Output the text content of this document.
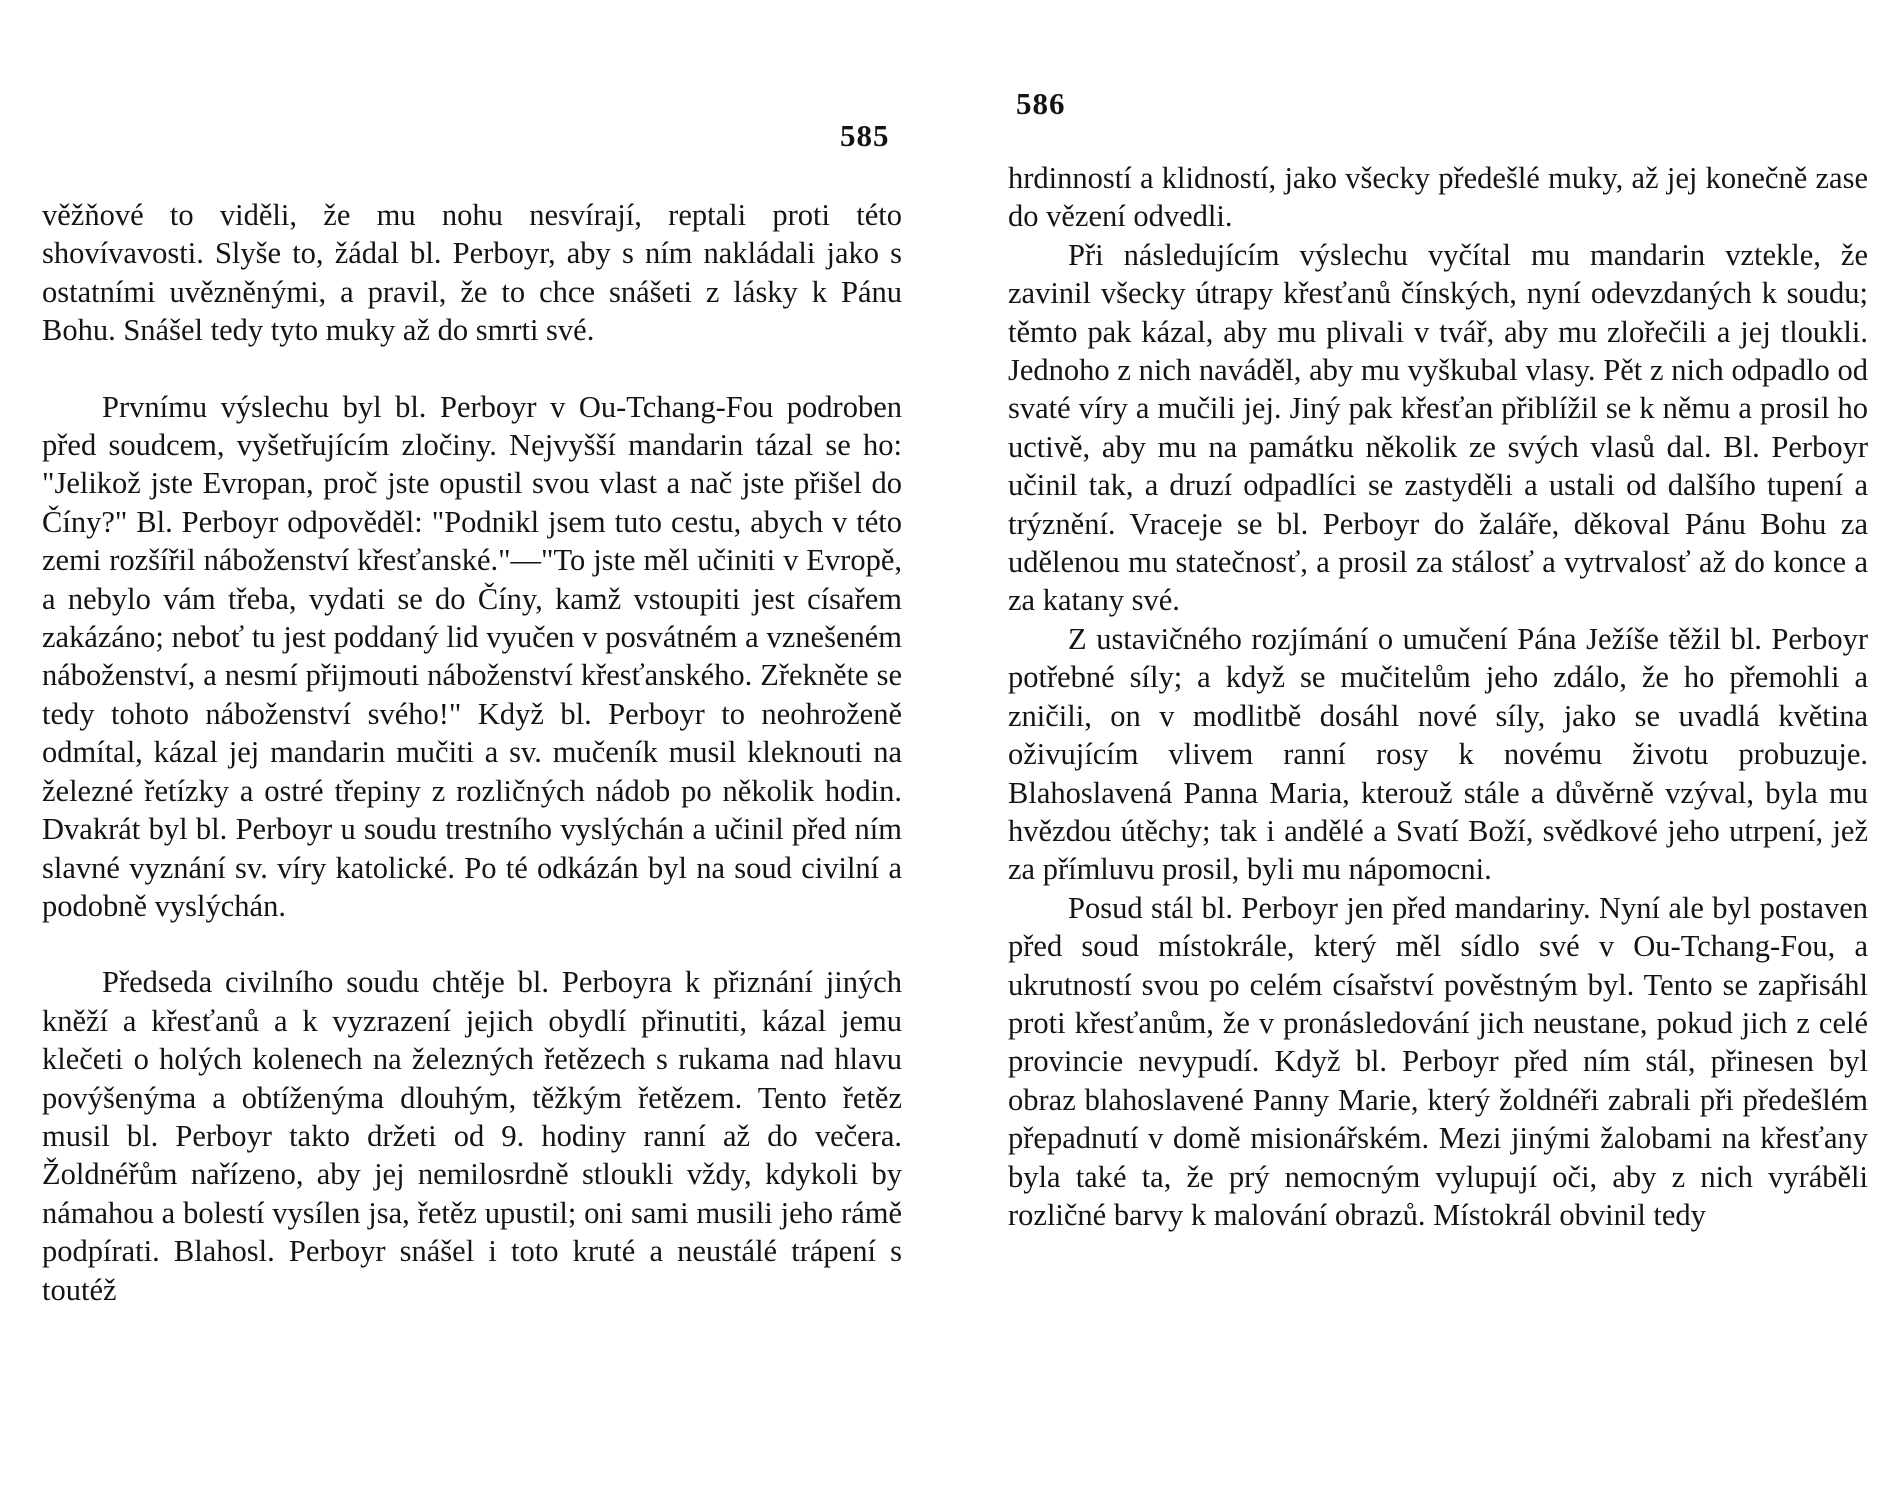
585

věžňové to viděli, že mu nohu nesvírají, reptali proti této shovívavosti. Slyše to, žádal bl. Perboyr, aby s ním nakládali jako s ostatními uvězněnými, a pravil, že to chce snášeti z lásky k Pánu Bohu. Snášel tedy tyto muky až do smrti své.

Prvnímu výslechu byl bl. Perboyr v Ou-Tchang-Fou podroben před soudcem, vyšetřujícím zločiny. Nejvyšší mandarin tázal se ho: "Jelikož jste Evropan, proč jste opustil svou vlast a nač jste přišel do Číny?" Bl. Perboyr odpověděl: "Podnikl jsem tuto cestu, abych v této zemi rozšířil náboženství křesťanské."—"To jste měl učiniti v Evropě, a nebylo vám třeba, vydati se do Číny, kamž vstoupiti jest císařem zakázáno; neboť tu jest poddaný lid vyučen v posvátném a vznešeném náboženství, a nesmí přijmouti náboženství křesťanského. Zřekněte se tedy tohoto náboženství svého!" Když bl. Perboyr to neohroženě odmítal, kázal jej mandarin mučiti a sv. mučeník musil kleknouti na železné řetízky a ostré třepiny z rozličných nádob po několik hodin. Dvakrát byl bl. Perboyr u soudu trestního vyslýchán a učinil před ním slavné vyznání sv. víry katolické. Po té odkázán byl na soud civilní a podobně vyslýchán.

Předseda civilního soudu chtěje bl. Perboyra k přiznání jiných kněží a křesťanů a k vyzrazení jejich obydlí přinutiti, kázal jemu klečeti o holých kolenech na železných řetězech s rukama nad hlavu povýšenýma a obtíženýma dlouhým, těžkým řetězem. Tento řetěz musil bl. Perboyr takto držeti od 9. hodiny ranní až do večera. Žoldnéřům nařízeno, aby jej nemilosrdně stloukli vždy, kdykoli by námahou a bolestí vysílen jsa, řetěz upustil; oni sami musili jeho rámě podpírati. Blahosl. Perboyr snášel i toto kruté a neustálé trápení s toutéž

586

hrdinností a klidností, jako všecky předešlé muky, až jej konečně zase do vězení odvedli.

Při následujícím výslechu vyčítal mu mandarin vztekle, že zavinil všecky útrapy křesťanů čínských, nyní odevzdaných k soudu; těmto pak kázal, aby mu plivali v tvář, aby mu zlořečili a jej tloukli. Jednoho z nich naváděl, aby mu vyškubal vlasy. Pět z nich odpadlo od svaté víry a mučili jej. Jiný pak křesťan přiblížil se k němu a prosil ho uctivě, aby mu na památku několik ze svých vlasů dal. Bl. Perboyr učinil tak, a druzí odpadlíci se zastyděli a ustali od dalšího tupení a trýznění. Vraceje se bl. Perboyr do žaláře, děkoval Pánu Bohu za udělenou mu statečnosť, a prosil za stálosť a vytrvalosť až do konce a za katany své.

Z ustavičného rozjímání o umučení Pána Ježíše těžil bl. Perboyr potřebné síly; a když se mučitelům jeho zdálo, že ho přemohli a zničili, on v modlitbě dosáhl nové síly, jako se uvadlá květina oživujícím vlivem ranní rosy k novému životu probuzuje. Blahoslavená Panna Maria, kterouž stále a důvěrně vzýval, byla mu hvězdou útěchy; tak i andělé a Svatí Boží, svědkové jeho utrpení, jež za přímluvu prosil, byli mu nápomocni.

Posud stál bl. Perboyr jen před mandariny. Nyní ale byl postaven před soud místokrále, který měl sídlo své v Ou-Tchang-Fou, a ukrutností svou po celém císařství pověstným byl. Tento se zapřisáhl proti křesťanům, že v pronásledování jich neustane, pokud jich z celé provincie nevypudí. Když bl. Perboyr před ním stál, přinesen byl obraz blahoslavené Panny Marie, který žoldnéři zabrali při předešlém přepadnutí v domě misionářském. Mezi jinými žalobami na křesťany byla také ta, že prý nemocným vylupují oči, aby z nich vyráběli rozličné barvy k malování obrazů. Místokrál obvinil tedy
